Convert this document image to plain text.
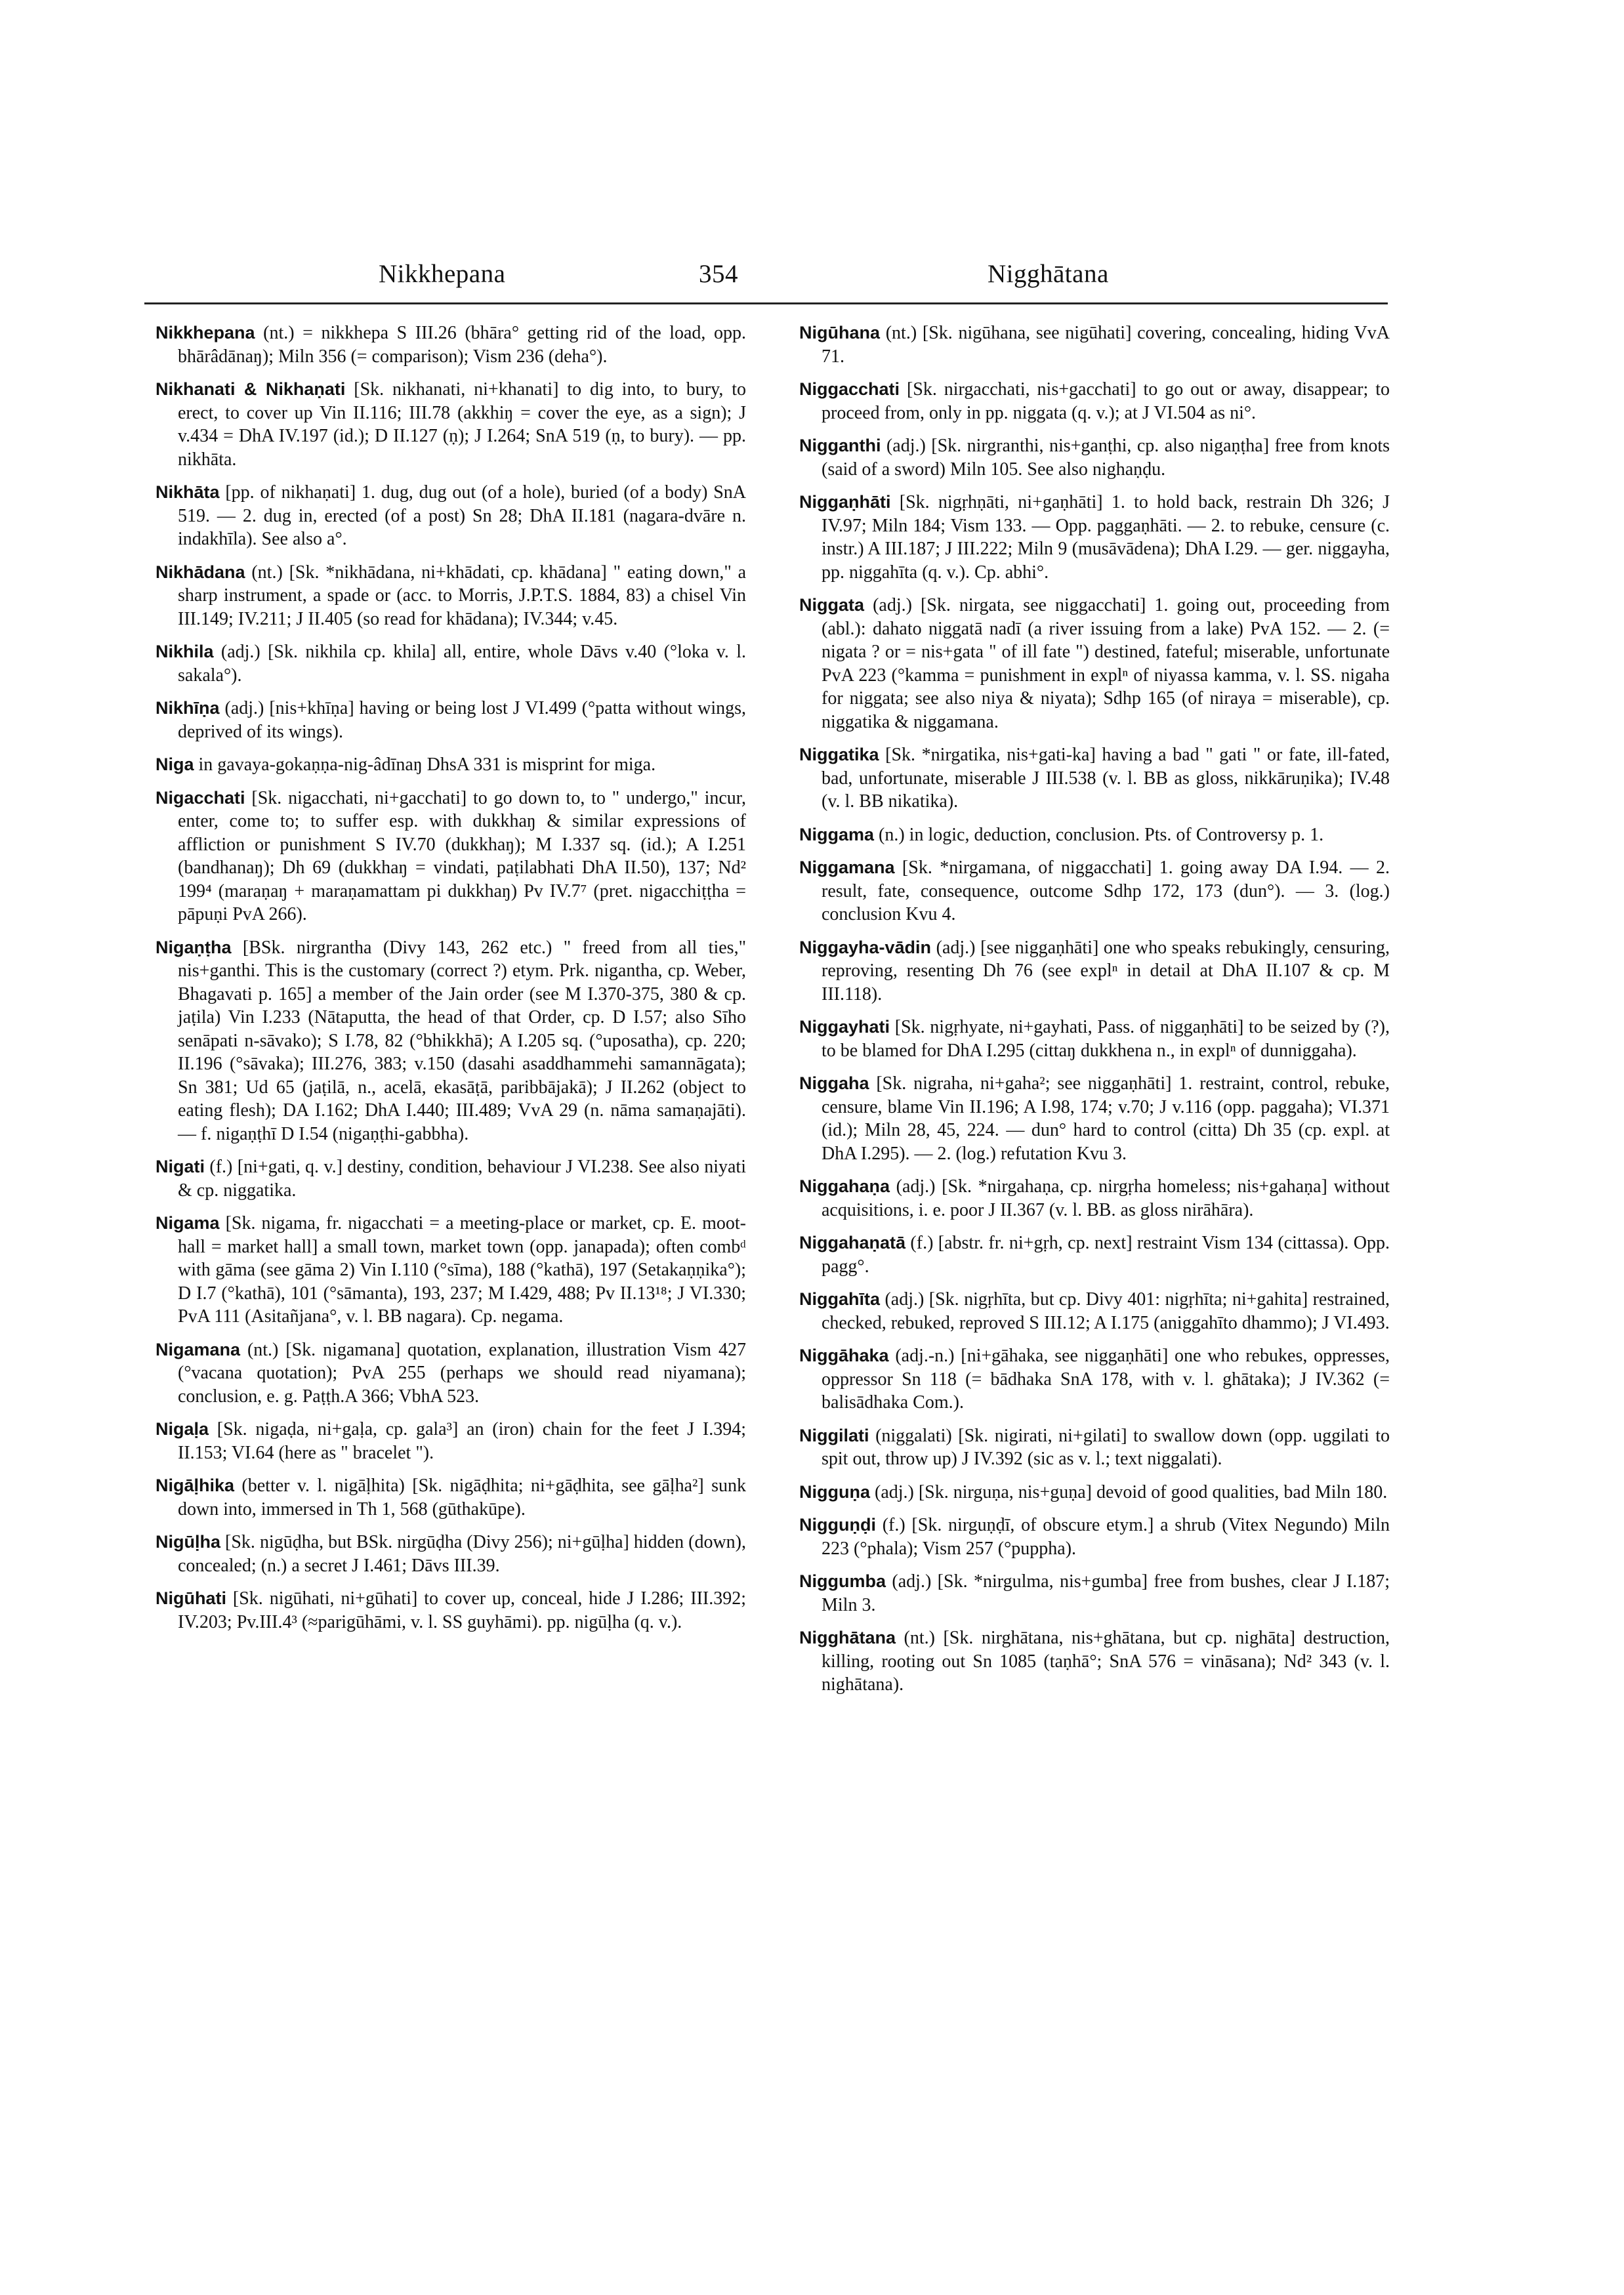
Nikkhepana	354	Nigghātana

Nikkhepana (nt.) = nikkhepa S III.26 (bhāra° getting rid of the load, opp. bhārâdānaŋ); Miln 356 (= comparison); Vism 236 (deha°).

Nikhanati & Nikhaṇati [Sk. nikhanati, ni+khanati] to dig into, to bury, to erect, to cover up Vin II.116; III.78 (akkhiŋ = cover the eye, as a sign); J v.434 = DhA IV.197 (id.); D II.127 (ṇ); J I.264; SnA 519 (ṇ, to bury). — pp. nikhāta.

Nikhāta [pp. of nikhaṇati] 1. dug, dug out (of a hole), buried (of a body) SnA 519. — 2. dug in, erected (of a post) Sn 28; DhA II.181 (nagara-dvāre n. indakhīla). See also a°.

Nikhādana (nt.) [Sk. *nikhādana, ni+khādati, cp. khādana] " eating down," a sharp instrument, a spade or (acc. to Morris, J.P.T.S. 1884, 83) a chisel Vin III.149; IV.211; J II.405 (so read for khādana); IV.344; v.45.

Nikhila (adj.) [Sk. nikhila cp. khila] all, entire, whole Dāvs v.40 (°loka v. l. sakala°).

Nikhīṇa (adj.) [nis+khīṇa] having or being lost J VI.499 (°patta without wings, deprived of its wings).

Niga in gavaya-gokaṇṇa-nig-âdīnaŋ DhsA 331 is misprint for miga.

Nigacchati [Sk. nigacchati, ni+gacchati] to go down to, to " undergo," incur, enter, come to; to suffer esp. with dukkhaŋ & similar expressions of affliction or punishment S IV.70 (dukkhaŋ); M I.337 sq. (id.); A I.251 (bandhanaŋ); Dh 69 (dukkhaŋ = vindati, paṭilabhati DhA II.50), 137; Nd² 199⁴ (maraṇaŋ + maraṇamattam pi dukkhaŋ) Pv IV.7⁷ (pret. nigacchiṭṭha = pāpuṇi PvA 266).

Nigaṇṭha [BSk. nirgrantha (Divy 143, 262 etc.) " freed from all ties," nis+ganthi. This is the customary (correct ?) etym. Prk. nigantha, cp. Weber, Bhagavati p. 165] a member of the Jain order (see M I.370-375, 380 & cp. jaṭila) Vin I.233 (Nātaputta, the head of that Order, cp. D I.57; also Sīho senāpati n-sāvako); S I.78, 82 (°bhikkhā); A I.205 sq. (°uposatha), cp. 220; II.196 (°sāvaka); III.276, 383; v.150 (dasahi asaddhammehi samannāgata); Sn 381; Ud 65 (jaṭilā, n., acelā, ekasāṭā, paribbājakā); J II.262 (object to eating flesh); DA I.162; DhA I.440; III.489; VvA 29 (n. nāma samaṇajāti). — f. nigaṇṭhī D I.54 (nigaṇṭhi-gabbha).

Nigati (f.) [ni+gati, q. v.] destiny, condition, behaviour J VI.238. See also niyati & cp. niggatika.

Nigama [Sk. nigama, fr. nigacchati = a meeting-place or market, cp. E. moot-hall = market hall] a small town, market town (opp. janapada); often combᵈ with gāma (see gāma 2) Vin I.110 (°sīma), 188 (°kathā), 197 (Setakaṇṇika°); D I.7 (°kathā), 101 (°sāmanta), 193, 237; M I.429, 488; Pv II.13¹⁸; J VI.330; PvA 111 (Asitañjana°, v. l. BB nagara). Cp. negama.

Nigamana (nt.) [Sk. nigamana] quotation, explanation, illustration Vism 427 (°vacana quotation); PvA 255 (perhaps we should read niyamana); conclusion, e. g. Paṭṭh.A 366; VbhA 523.

Nigaḷa [Sk. nigaḍa, ni+gaḷa, cp. gala³] an (iron) chain for the feet J I.394; II.153; VI.64 (here as " bracelet ").

Nigāḷhika (better v. l. nigāḷhita) [Sk. nigāḍhita; ni+gāḍhita, see gāḷha²] sunk down into, immersed in Th 1, 568 (gūthakūpe).

Nigūḷha [Sk. nigūḍha, but BSk. nirgūḍha (Divy 256); ni+gūḷha] hidden (down), concealed; (n.) a secret J I.461; Dāvs III.39.

Nigūhati [Sk. nigūhati, ni+gūhati] to cover up, conceal, hide J I.286; III.392; IV.203; Pv.III.4³ (≈parigūhāmi, v. l. SS guyhāmi). pp. nigūḷha (q. v.).

Nigūhana (nt.) [Sk. nigūhana, see nigūhati] covering, concealing, hiding VvA 71.

Niggacchati [Sk. nirgacchati, nis+gacchati] to go out or away, disappear; to proceed from, only in pp. niggata (q. v.); at J VI.504 as ni°.

Nigganthi (adj.) [Sk. nirgranthi, nis+ganṭhi, cp. also nigaṇṭha] free from knots (said of a sword) Miln 105. See also nighaṇḍu.

Niggaṇhāti [Sk. nigṛhṇāti, ni+gaṇhāti] 1. to hold back, restrain Dh 326; J IV.97; Miln 184; Vism 133. — Opp. paggaṇhāti. — 2. to rebuke, censure (c. instr.) A III.187; J III.222; Miln 9 (musāvādena); DhA I.29. — ger. niggayha, pp. niggahīta (q. v.). Cp. abhi°.

Niggata (adj.) [Sk. nirgata, see niggacchati] 1. going out, proceeding from (abl.): dahato niggatā nadī (a river issuing from a lake) PvA 152. — 2. (= nigata ? or = nis+gata " of ill fate ") destined, fateful; miserable, unfortunate PvA 223 (°kamma = punishment in explⁿ of niyassa kamma, v. l. SS. nigaha for niggata; see also niya & niyata); Sdhp 165 (of niraya = miserable), cp. niggatika & niggamana.

Niggatika [Sk. *nirgatika, nis+gati-ka] having a bad " gati " or fate, ill-fated, bad, unfortunate, miserable J III.538 (v. l. BB as gloss, nikkāruṇika); IV.48 (v. l. BB nikatika).

Niggama (n.) in logic, deduction, conclusion. Pts. of Controversy p. 1.

Niggamana [Sk. *nirgamana, of niggacchati] 1. going away DA I.94. — 2. result, fate, consequence, outcome Sdhp 172, 173 (dun°). — 3. (log.) conclusion Kvu 4.

Niggayha-vādin (adj.) [see niggaṇhāti] one who speaks rebukingly, censuring, reproving, resenting Dh 76 (see explⁿ in detail at DhA II.107 & cp. M III.118).

Niggayhati [Sk. nigṛhyate, ni+gayhati, Pass. of niggaṇhāti] to be seized by (?), to be blamed for DhA I.295 (cittaŋ dukkhena n., in explⁿ of dunniggaha).

Niggaha [Sk. nigraha, ni+gaha²; see niggaṇhāti] 1. restraint, control, rebuke, censure, blame Vin II.196; A I.98, 174; v.70; J v.116 (opp. paggaha); VI.371 (id.); Miln 28, 45, 224. — dun° hard to control (citta) Dh 35 (cp. expl. at DhA I.295). — 2. (log.) refutation Kvu 3.

Niggahaṇa (adj.) [Sk. *nirgahaṇa, cp. nirgṛha homeless; nis+gahaṇa] without acquisitions, i. e. poor J II.367 (v. l. BB. as gloss nirāhāra).

Niggahaṇatā (f.) [abstr. fr. ni+gṛh, cp. next] restraint Vism 134 (cittassa). Opp. pagg°.

Niggahīta (adj.) [Sk. nigṛhīta, but cp. Divy 401: nigṛhīta; ni+gahita] restrained, checked, rebuked, reproved S III.12; A I.175 (aniggahīto dhammo); J VI.493.

Niggāhaka (adj.-n.) [ni+gāhaka, see niggaṇhāti] one who rebukes, oppresses, oppressor Sn 118 (= bādhaka SnA 178, with v. l. ghātaka); J IV.362 (= balisādhaka Com.).

Niggilati (niggalati) [Sk. nigirati, ni+gilati] to swallow down (opp. uggilati to spit out, throw up) J IV.392 (sic as v. l.; text niggalati).

Nigguṇa (adj.) [Sk. nirguṇa, nis+guṇa] devoid of good qualities, bad Miln 180.

Nigguṇḍi (f.) [Sk. nirguṇḍī, of obscure etym.] a shrub (Vitex Negundo) Miln 223 (°phala); Vism 257 (°puppha).

Niggumba (adj.) [Sk. *nirgulma, nis+gumba] free from bushes, clear J I.187; Miln 3.

Nigghātana (nt.) [Sk. nirghātana, nis+ghātana, but cp. nighāta] destruction, killing, rooting out Sn 1085 (taṇhā°; SnA 576 = vināsana); Nd² 343 (v. l. nighātana).
